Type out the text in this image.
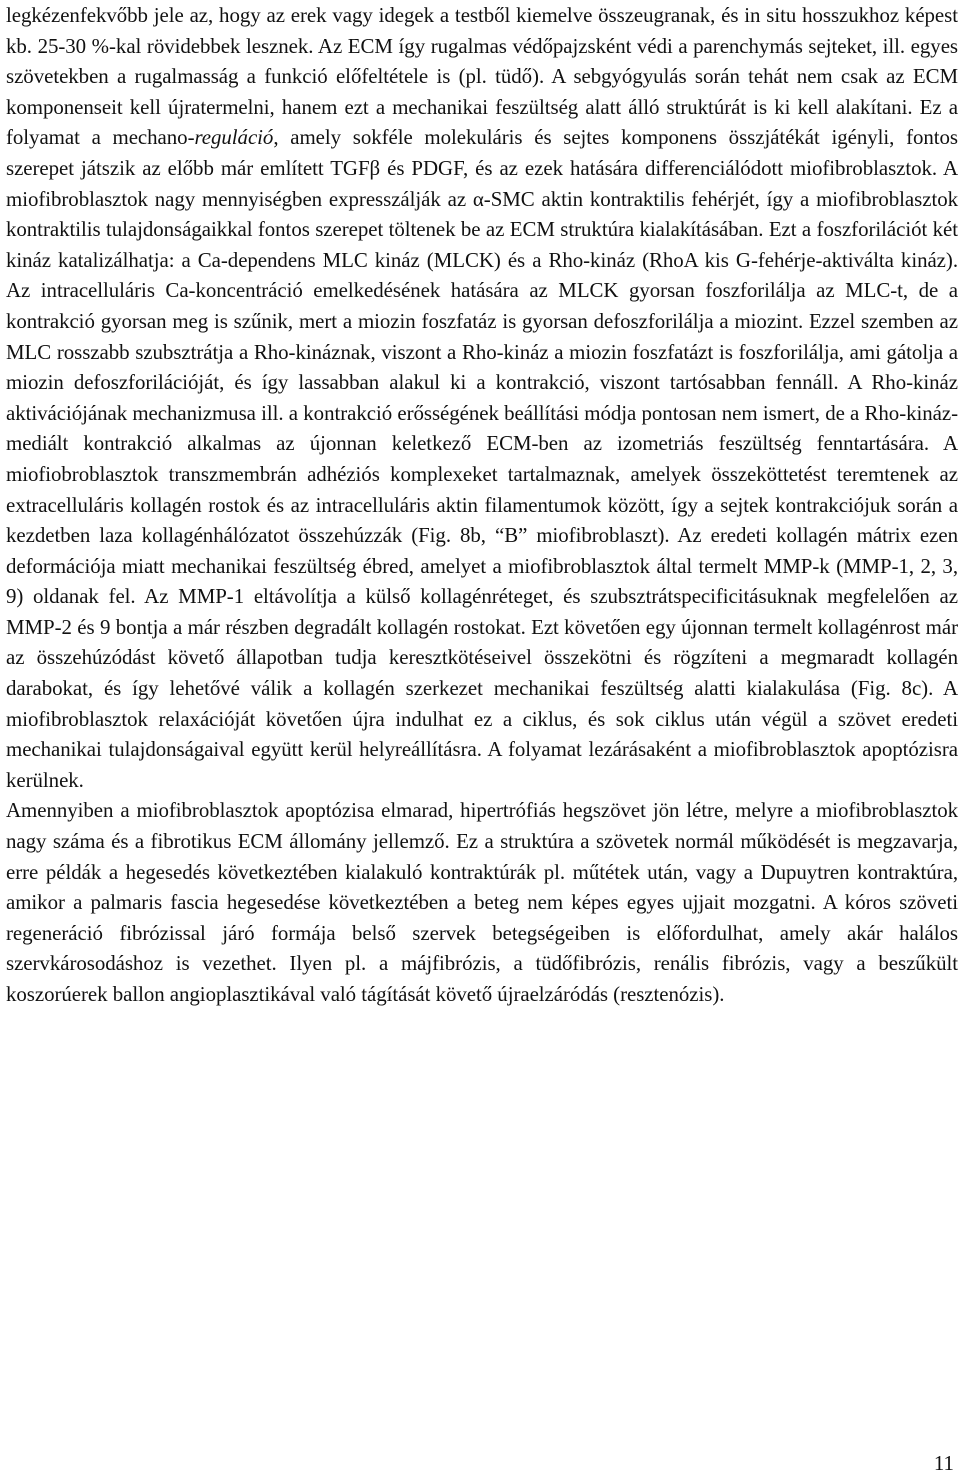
legkézenfekvőbb jele az, hogy az erek vagy idegek a testből kiemelve összeugranak, és in situ hosszukhoz képest kb. 25-30 %-kal rövidebbek lesznek. Az ECM így rugalmas védőpajzsként védi a parenchymás sejteket, ill. egyes szövetekben a rugalmasság a funkció előfeltétele is (pl. tüdő). A sebgyógyulás során tehát nem csak az ECM komponenseit kell újratermelni, hanem ezt a mechanikai feszültség alatt álló struktúrát is ki kell alakítani. Ez a folyamat a mechano-reguláció, amely sokféle molekuláris és sejtes komponens összjátékát igényli, fontos szerepet játszik az előbb már említett TGFβ és PDGF, és az ezek hatására differenciálódott miofibroblasztok. A miofibroblasztok nagy mennyiségben expresszálják az α-SMC aktin kontraktilis fehérjét, így a miofibroblasztok kontraktilis tulajdonságaikkal fontos szerepet töltenek be az ECM struktúra kialakításában. Ezt a foszforilációt két kináz katalizálhatja: a Ca-dependens MLC kináz (MLCK) és a Rho-kináz (RhoA kis G-fehérje-aktiválta kináz). Az intracelluláris Ca-koncentráció emelkedésének hatására az MLCK gyorsan foszforilálja az MLC-t, de a kontrakció gyorsan meg is szűnik, mert a miozin foszfatáz is gyorsan defoszforilálja a miozint. Ezzel szemben az MLC rosszabb szubsztrátja a Rho-kináznak, viszont a Rho-kináz a miozin foszfatázt is foszforilálja, ami gátolja a miozin defoszforilációját, és így lassabban alakul ki a kontrakció, viszont tartósabban fennáll. A Rho-kináz aktivációjának mechanizmusa ill. a kontrakció erősségének beállítási módja pontosan nem ismert, de a Rho-kináz-mediált kontrakció alkalmas az újonnan keletkező ECM-ben az izometriás feszültség fenntartására. A miofiobroblasztok transzmembrán adhéziós komplexeket tartalmaznak, amelyek összeköttetést teremtenek az extracelluláris kollagén rostok és az intracelluláris aktin filamentumok között, így a sejtek kontrakciójuk során a kezdetben laza kollagénhálózatot összehúzzák (Fig. 8b, “B” miofibroblaszt). Az eredeti kollagén mátrix ezen deformációja miatt mechanikai feszültség ébred, amelyet a miofibroblasztok által termelt MMP-k (MMP-1, 2, 3, 9) oldanak fel. Az MMP-1 eltávolítja a külső kollagénréteget, és szubsztrátspecificitásuknak megfelelően az MMP-2 és 9 bontja a már részben degradált kollagén rostokat. Ezt követően egy újonnan termelt kollagénrost már az összehúzódást követő állapotban tudja keresztkötéseivel összekötni és rögzíteni a megmaradt kollagén darabokat, és így lehetővé válik a kollagén szerkezet mechanikai feszültség alatti kialakulása (Fig. 8c). A miofibroblasztok relaxációját követően újra indulhat ez a ciklus, és sok ciklus után végül a szövet eredeti mechanikai tulajdonságaival együtt kerül helyreállításra. A folyamat lezárásaként a miofibroblasztok apoptózisra kerülnek.

Amennyiben a miofibroblasztok apoptózisa elmarad, hipertrófiás hegszövet jön létre, melyre a miofibroblasztok nagy száma és a fibrotikus ECM állomány jellemző. Ez a struktúra a szövetek normál működését is megzavarja, erre példák a hegesedés következtében kialakuló kontraktúrák pl. műtétek után, vagy a Dupuytren kontraktúra, amikor a palmaris fascia hegesedése következtében a beteg nem képes egyes ujjait mozgatni. A kóros szöveti regeneráció fibrózissal járó formája belső szervek betegségeiben is előfordulhat, amely akár halálos szervkárosodáshoz is vezethet. Ilyen pl. a májfibrózis, a tüdőfibrózis, renális fibrózis, vagy a beszűkült koszorúerek ballon angioplasztikával való tágítását követő újraelzáródás (resztenózis).

11
